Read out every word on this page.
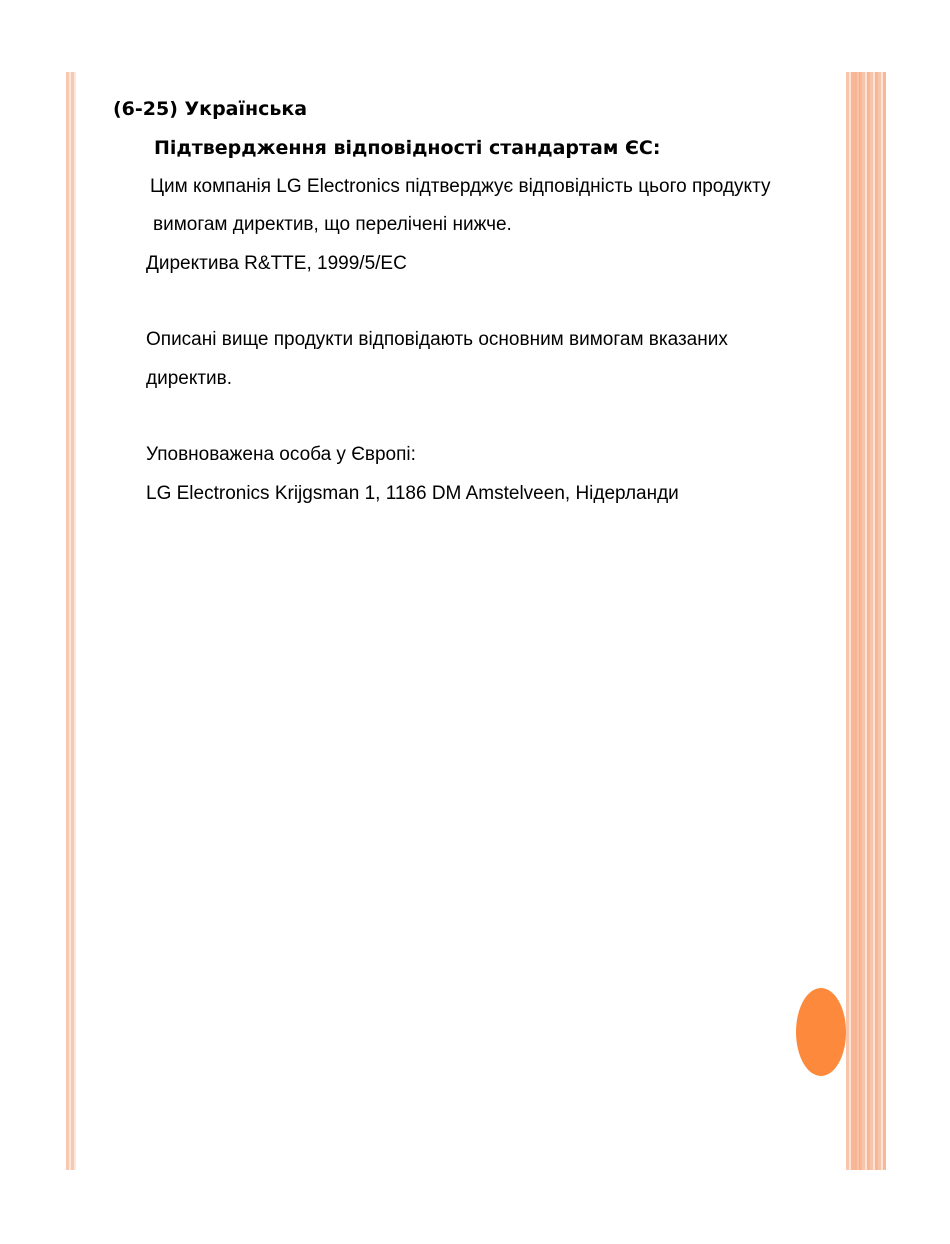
(6-25) Українська
Підтвердження відповідності стандартам ЄС:
Цим компанія LG Electronics підтверджує відповідність цього продукту
вимогам директив, що перелічені нижче.
Директива R&TTE, 1999/5/EC
Описані вище продукти відповідають основним вимогам вказаних
директив.
Уповноважена особа у Європі:
LG Electronics Krijgsman 1, 1186 DM Amstelveen, Нідерланди
